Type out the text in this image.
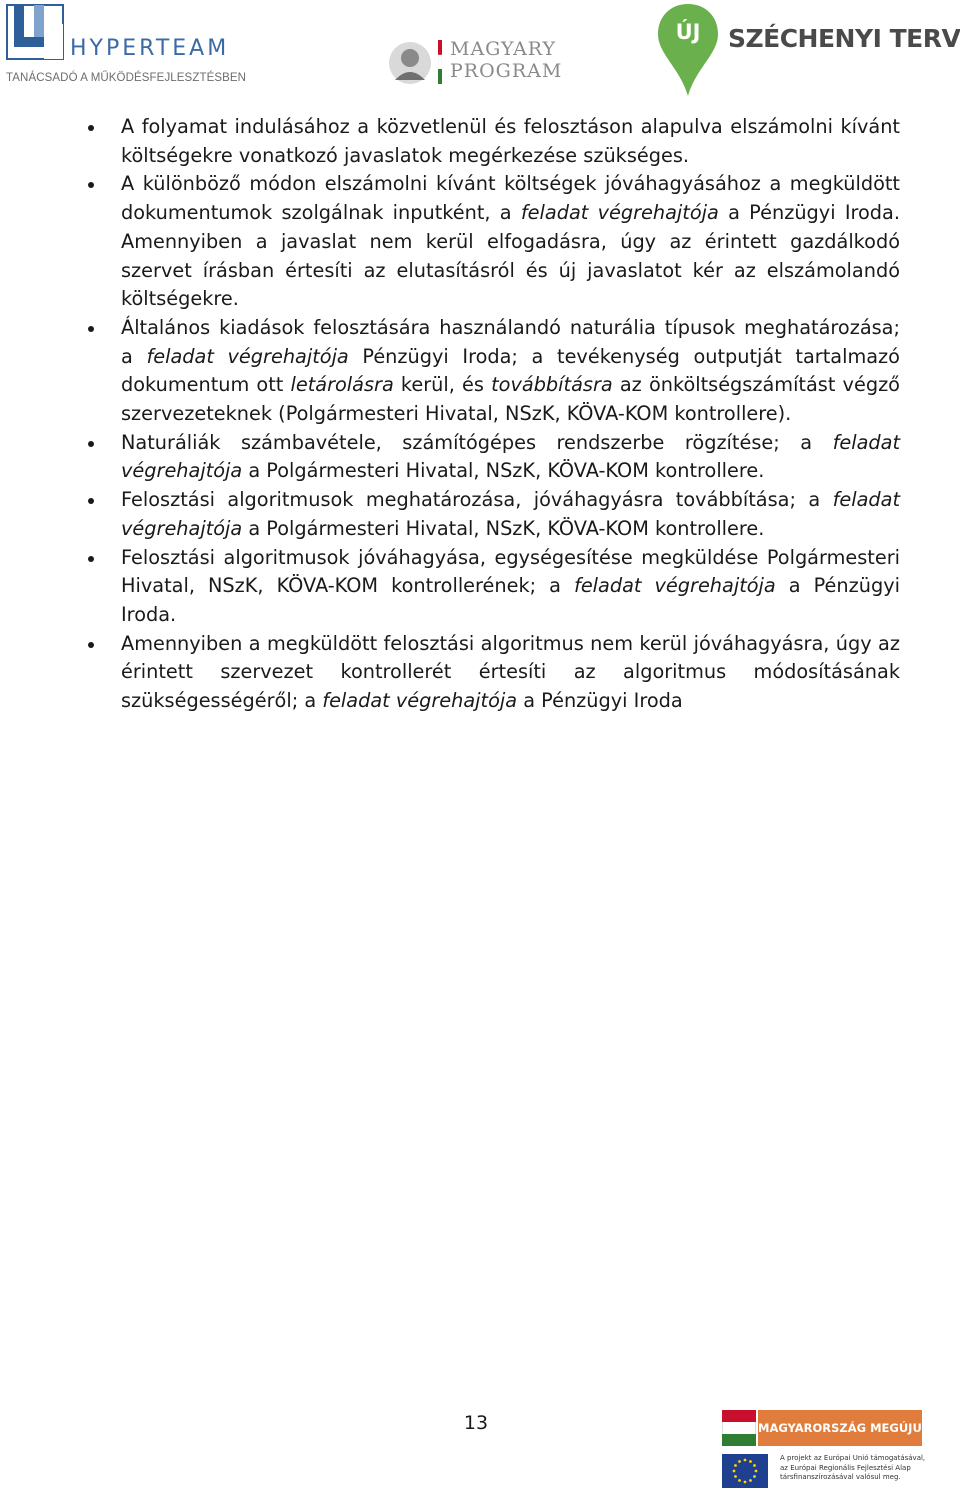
HYPERTEAM
TANÁCSADÓ A MŰKÖDÉSFEJLESZTÉSBEN
MAGYARY
PROGRAM
ÚJ	SZÉCHENYI TERV
A folyamat indulásához a közvetlenül és felosztáson alapulva elszámolni kívánt költségekre vonatkozó javaslatok megérkezése szükséges.
A különböző módon elszámolni kívánt költségek jóváhagyásához a megküldött dokumentumok szolgálnak inputként, a feladat végrehajtója a Pénzügyi Iroda. Amennyiben a javaslat nem kerül elfogadásra, úgy az érintett gazdálkodó szervet írásban értesíti az elutasításról és új javaslatot kér az elszámolandó költségekre.
Általános kiadások felosztására használandó naturália típusok meghatározása; a feladat végrehajtója Pénzügyi Iroda; a tevékenység outputját tartalmazó dokumentum ott letárolásra kerül, és továbbításra az önköltségszámítást végző szervezeteknek (Polgármesteri Hivatal, NSzK, KÖVA-KOM kontrollere).
Naturáliák számbavétele, számítógépes rendszerbe rögzítése; a feladat végrehajtója a Polgármesteri Hivatal, NSzK, KÖVA-KOM kontrollere.
Felosztási algoritmusok meghatározása, jóváhagyásra továbbítása; a feladat végrehajtója a Polgármesteri Hivatal, NSzK, KÖVA-KOM kontrollere.
Felosztási algoritmusok jóváhagyása, egységesítése megküldése Polgármesteri Hivatal, NSzK, KÖVA-KOM kontrollerének; a feladat végrehajtója a Pénzügyi Iroda.
Amennyiben a megküldött felosztási algoritmus nem kerül jóváhagyásra, úgy az érintett szervezet kontrollerét értesíti az algoritmus módosításának szükségességéről; a feladat végrehajtója a Pénzügyi Iroda
13	MAGYARORSZÁG MEGÚJUL
A projekt az Európai Unió támogatásával,
az Európai Regionális Fejlesztési Alap
társfinanszírozásával valósul meg.
